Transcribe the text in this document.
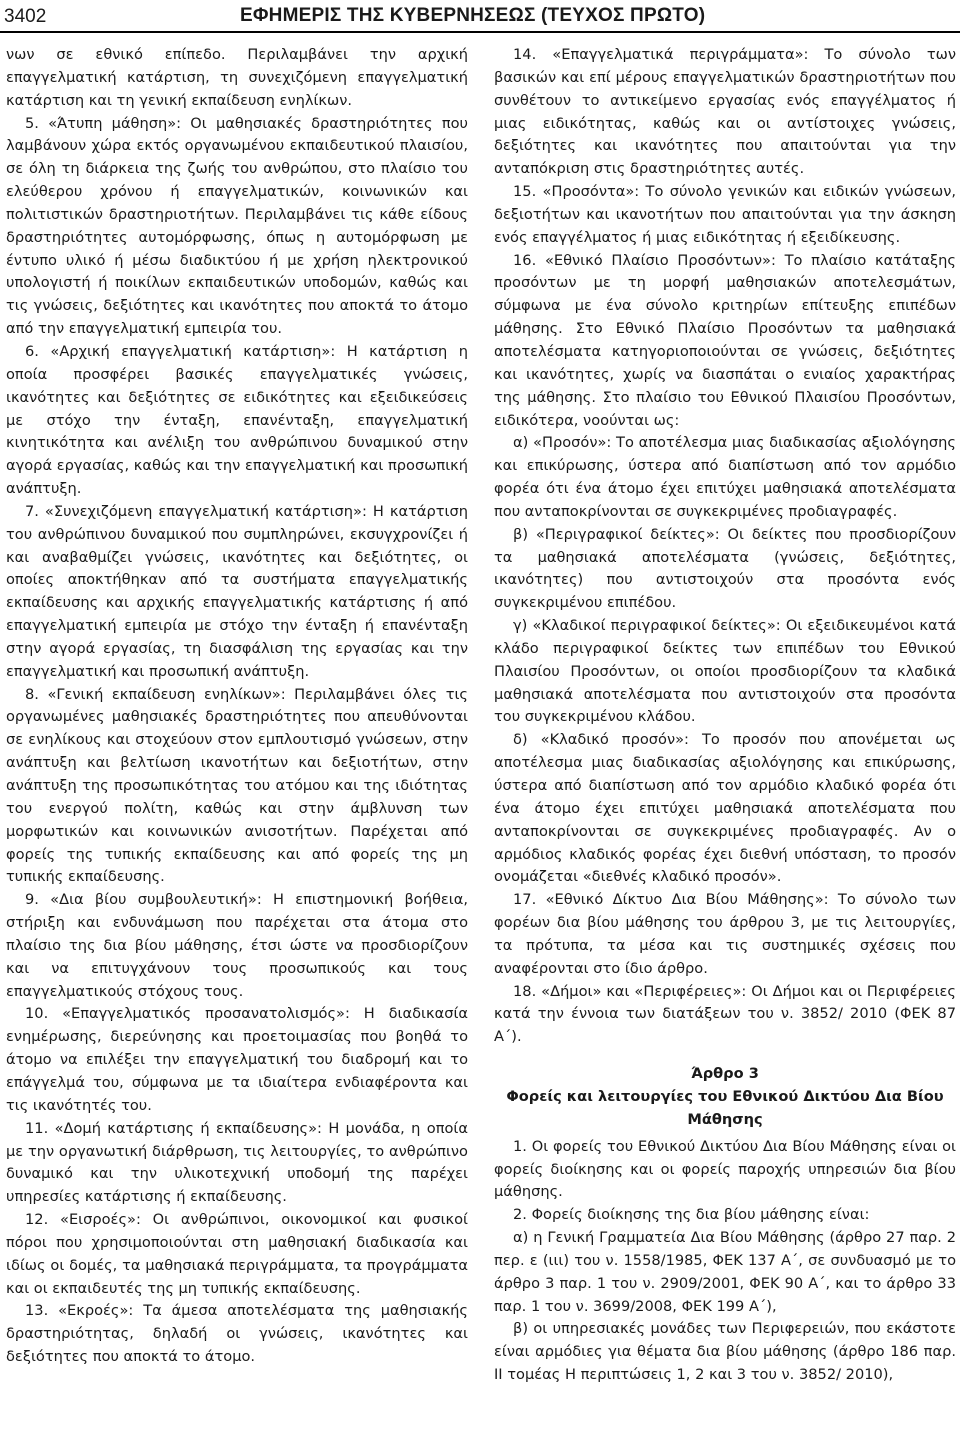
3402	ΕΦΗΜΕΡΙΣ ΤΗΣ ΚΥΒΕΡΝΗΣΕΩΣ (ΤΕΥΧΟΣ ΠΡΩΤΟ)

νων σε εθνικό επίπεδο. Περιλαμβάνει την αρχική επαγγελματική κατάρτιση, τη συνεχιζόμενη επαγγελματική κατάρτιση και τη γενική εκπαίδευση ενηλίκων.

5. «Άτυπη μάθηση»: Οι μαθησιακές δραστηριότητες που λαμβάνουν χώρα εκτός οργανωμένου εκπαιδευτικού πλαισίου, σε όλη τη διάρκεια της ζωής του ανθρώπου, στο πλαίσιο του ελεύθερου χρόνου ή επαγγελματικών, κοινωνικών και πολιτιστικών δραστηριοτήτων. Περιλαμβάνει τις κάθε είδους δραστηριότητες αυτομόρφωσης, όπως η αυτομόρφωση με έντυπο υλικό ή μέσω διαδικτύου ή με χρήση ηλεκτρονικού υπολογιστή ή ποικίλων εκπαιδευτικών υποδομών, καθώς και τις γνώσεις, δεξιότητες και ικανότητες που αποκτά το άτομο από την επαγγελματική εμπειρία του.

6. «Αρχική επαγγελματική κατάρτιση»: Η κατάρτιση η οποία προσφέρει βασικές επαγγελματικές γνώσεις, ικανότητες και δεξιότητες σε ειδικότητες και εξειδικεύσεις με στόχο την ένταξη, επανένταξη, επαγγελματική κινητικότητα και ανέλιξη του ανθρώπινου δυναμικού στην αγορά εργασίας, καθώς και την επαγγελματική και προσωπική ανάπτυξη.

7. «Συνεχιζόμενη επαγγελματική κατάρτιση»: Η κατάρτιση του ανθρώπινου δυναμικού που συμπληρώνει, εκσυγχρονίζει ή και αναβαθμίζει γνώσεις, ικανότητες και δεξιότητες, οι οποίες αποκτήθηκαν από τα συστήματα επαγγελματικής εκπαίδευσης και αρχικής επαγγελματικής κατάρτισης ή από επαγγελματική εμπειρία με στόχο την ένταξη ή επανένταξη στην αγορά εργασίας, τη διασφάλιση της εργασίας και την επαγγελματική και προσωπική ανάπτυξη.

8. «Γενική εκπαίδευση ενηλίκων»: Περιλαμβάνει όλες τις οργανωμένες μαθησιακές δραστηριότητες που απευθύνονται σε ενηλίκους και στοχεύουν στον εμπλουτισμό γνώσεων, στην ανάπτυξη και βελτίωση ικανοτήτων και δεξιοτήτων, στην ανάπτυξη της προσωπικότητας του ατόμου και της ιδιότητας του ενεργού πολίτη, καθώς και στην άμβλυνση των μορφωτικών και κοινωνικών ανισοτήτων. Παρέχεται από φορείς της τυπικής εκπαίδευσης και από φορείς της μη τυπικής εκπαίδευσης.

9. «Δια βίου συμβουλευτική»: Η επιστημονική βοήθεια, στήριξη και ενδυνάμωση που παρέχεται στα άτομα στο πλαίσιο της δια βίου μάθησης, έτσι ώστε να προσδιορίζουν και να επιτυγχάνουν τους προσωπικούς και τους επαγγελματικούς στόχους τους.

10. «Επαγγελματικός προσανατολισμός»: Η διαδικασία ενημέρωσης, διερεύνησης και προετοιμασίας που βοηθά το άτομο να επιλέξει την επαγγελματική του διαδρομή και το επάγγελμά του, σύμφωνα με τα ιδιαίτερα ενδιαφέροντα και τις ικανότητές του.

11. «Δομή κατάρτισης ή εκπαίδευσης»: Η μονάδα, η οποία με την οργανωτική διάρθρωση, τις λειτουργίες, το ανθρώπινο δυναμικό και την υλικοτεχνική υποδομή της παρέχει υπηρεσίες κατάρτισης ή εκπαίδευσης.

12. «Εισροές»: Οι ανθρώπινοι, οικονομικοί και φυσικοί πόροι που χρησιμοποιούνται στη μαθησιακή διαδικασία και ιδίως οι δομές, τα μαθησιακά περιγράμματα, τα προγράμματα και οι εκπαιδευτές της μη τυπικής εκπαίδευσης.

13. «Εκροές»: Τα άμεσα αποτελέσματα της μαθησιακής δραστηριότητας, δηλαδή οι γνώσεις, ικανότητες και δεξιότητες που αποκτά το άτομο.

14. «Επαγγελματικά περιγράμματα»: Το σύνολο των βασικών και επί μέρους επαγγελματικών δραστηριοτήτων που συνθέτουν το αντικείμενο εργασίας ενός επαγγέλματος ή μιας ειδικότητας, καθώς και οι αντίστοιχες γνώσεις, δεξιότητες και ικανότητες που απαιτούνται για την ανταπόκριση στις δραστηριότητες αυτές.

15. «Προσόντα»: Το σύνολο γενικών και ειδικών γνώσεων, δεξιοτήτων και ικανοτήτων που απαιτούνται για την άσκηση ενός επαγγέλματος ή μιας ειδικότητας ή εξειδίκευσης.

16. «Εθνικό Πλαίσιο Προσόντων»: Το πλαίσιο κατάταξης προσόντων με τη μορφή μαθησιακών αποτελεσμάτων, σύμφωνα με ένα σύνολο κριτηρίων επίτευξης επιπέδων μάθησης. Στο Εθνικό Πλαίσιο Προσόντων τα μαθησιακά αποτελέσματα κατηγοριοποιούνται σε γνώσεις, δεξιότητες και ικανότητες, χωρίς να διασπάται ο ενιαίος χαρακτήρας της μάθησης. Στο πλαίσιο του Εθνικού Πλαισίου Προσόντων, ειδικότερα, νοούνται ως:

α) «Προσόν»: Το αποτέλεσμα μιας διαδικασίας αξιολόγησης και επικύρωσης, ύστερα από διαπίστωση από τον αρμόδιο φορέα ότι ένα άτομο έχει επιτύχει μαθησιακά αποτελέσματα που ανταποκρίνονται σε συγκεκριμένες προδιαγραφές.

β) «Περιγραφικοί δείκτες»: Οι δείκτες που προσδιορίζουν τα μαθησιακά αποτελέσματα (γνώσεις, δεξιότητες, ικανότητες) που αντιστοιχούν στα προσόντα ενός συγκεκριμένου επιπέδου.

γ) «Κλαδικοί περιγραφικοί δείκτες»: Οι εξειδικευμένοι κατά κλάδο περιγραφικοί δείκτες των επιπέδων του Εθνικού Πλαισίου Προσόντων, οι οποίοι προσδιορίζουν τα κλαδικά μαθησιακά αποτελέσματα που αντιστοιχούν στα προσόντα του συγκεκριμένου κλάδου.

δ) «Κλαδικό προσόν»: Το προσόν που απονέμεται ως αποτέλεσμα μιας διαδικασίας αξιολόγησης και επικύρωσης, ύστερα από διαπίστωση από τον αρμόδιο κλαδικό φορέα ότι ένα άτομο έχει επιτύχει μαθησιακά αποτελέσματα που ανταποκρίνονται σε συγκεκριμένες προδιαγραφές. Αν ο αρμόδιος κλαδικός φορέας έχει διεθνή υπόσταση, το προσόν ονομάζεται «διεθνές κλαδικό προσόν».

17. «Εθνικό Δίκτυο Δια Βίου Μάθησης»: Το σύνολο των φορέων δια βίου μάθησης του άρθρου 3, με τις λειτουργίες, τα πρότυπα, τα μέσα και τις συστημικές σχέσεις που αναφέρονται στο ίδιο άρθρο.

18. «Δήμοι» και «Περιφέρειες»: Οι Δήμοι και οι Περιφέρειες κατά την έννοια των διατάξεων του ν. 3852/ 2010 (ΦΕΚ 87 Α΄).

Άρθρο 3

Φορείς και λειτουργίες του Εθνικού Δικτύου Δια Βίου Μάθησης

1. Οι φορείς του Εθνικού Δικτύου Δια Βίου Μάθησης είναι οι φορείς διοίκησης και οι φορείς παροχής υπηρεσιών δια βίου μάθησης.

2. Φορείς διοίκησης της δια βίου μάθησης είναι:

α) η Γενική Γραμματεία Δια Βίου Μάθησης (άρθρο 27 παρ. 2 περ. ε (ιιι) του ν. 1558/1985, ΦΕΚ 137 Α΄, σε συνδυασμό με το άρθρο 3 παρ. 1 του ν. 2909/2001, ΦΕΚ 90 Α΄, και το άρθρο 33 παρ. 1 του ν. 3699/2008, ΦΕΚ 199 Α΄),

β) οι υπηρεσιακές μονάδες των Περιφερειών, που εκάστοτε είναι αρμόδιες για θέματα δια βίου μάθησης (άρθρο 186 παρ. ΙΙ τομέας Η περιπτώσεις 1, 2 και 3 του ν. 3852/ 2010),
